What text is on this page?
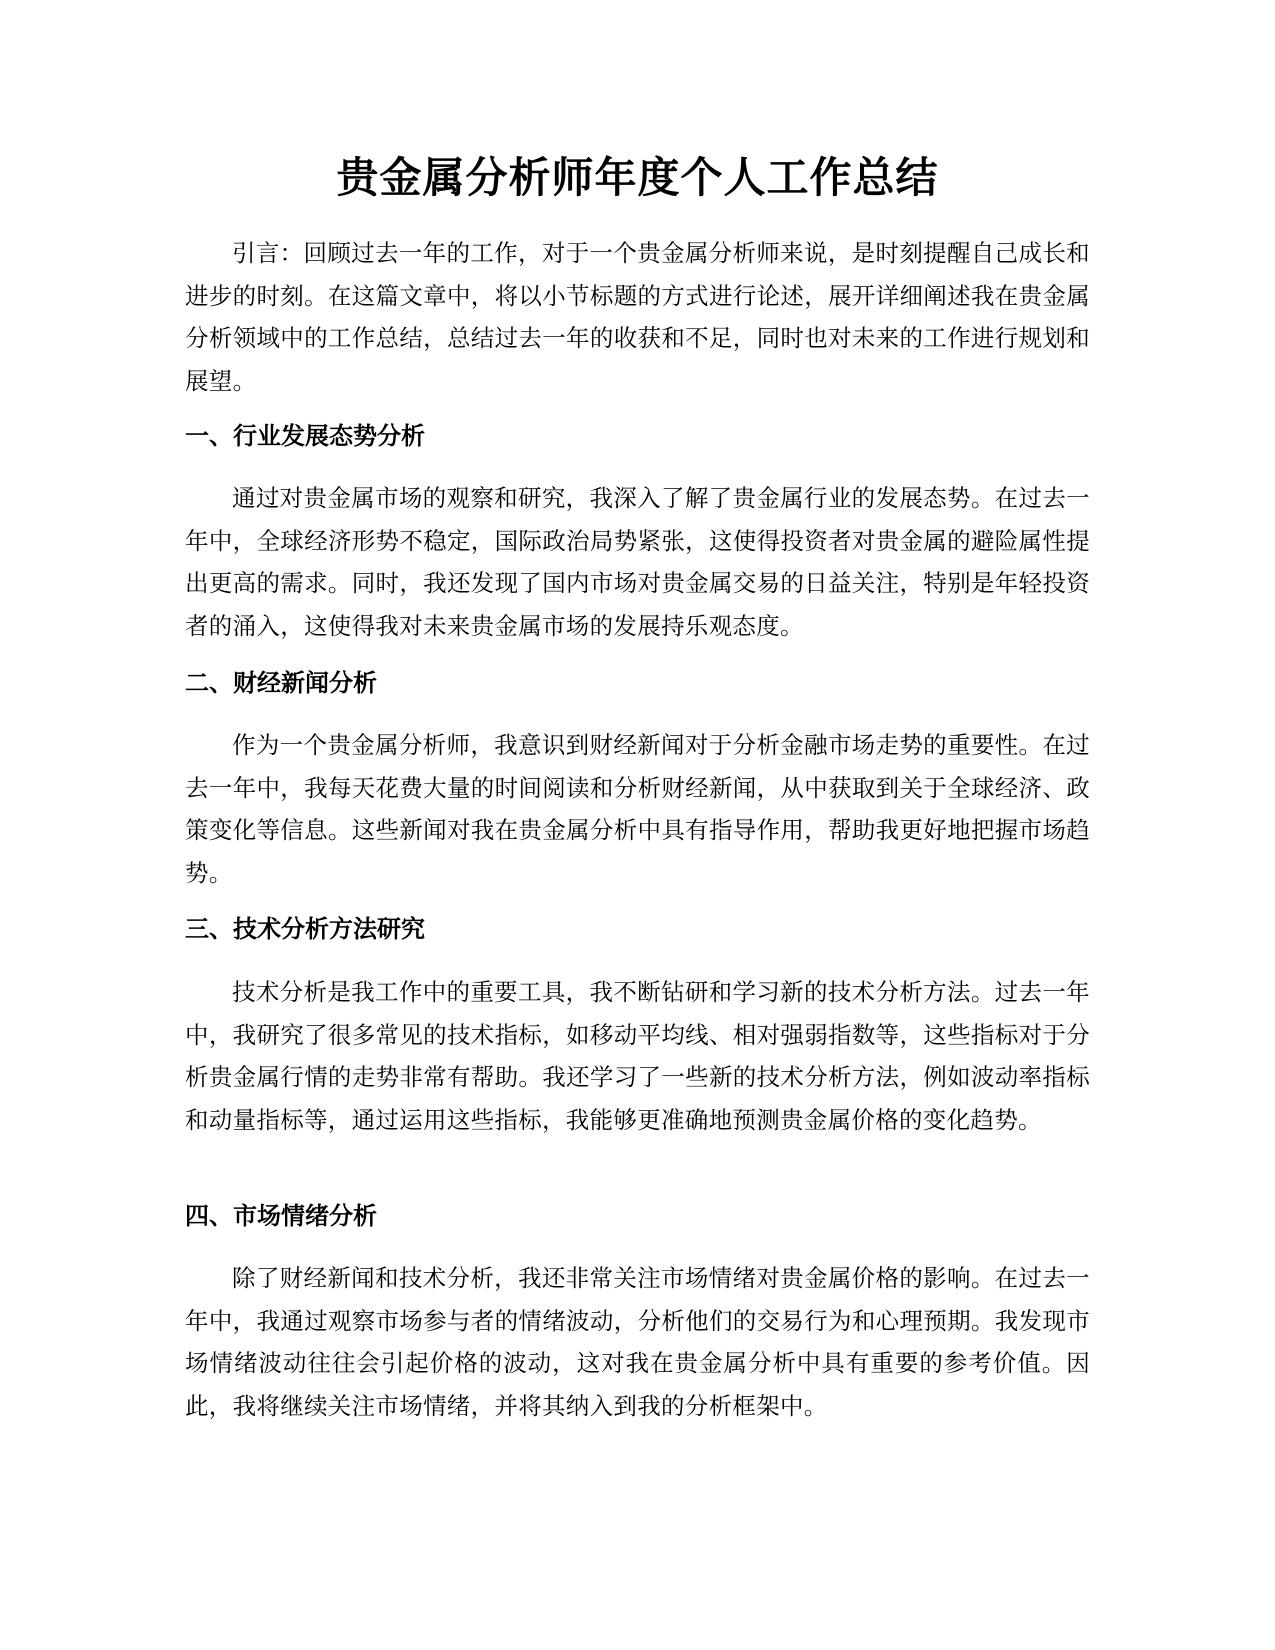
贵金属分析师年度个人工作总结

引言：回顾过去一年的工作，对于一个贵金属分析师来说，是时刻提醒自己成长和进步的时刻。在这篇文章中，将以小节标题的方式进行论述，展开详细阐述我在贵金属分析领域中的工作总结，总结过去一年的收获和不足，同时也对未来的工作进行规划和展望。

一、行业发展态势分析

通过对贵金属市场的观察和研究，我深入了解了贵金属行业的发展态势。在过去一年中，全球经济形势不稳定，国际政治局势紧张，这使得投资者对贵金属的避险属性提出更高的需求。同时，我还发现了国内市场对贵金属交易的日益关注，特别是年轻投资者的涌入，这使得我对未来贵金属市场的发展持乐观态度。

二、财经新闻分析

作为一个贵金属分析师，我意识到财经新闻对于分析金融市场走势的重要性。在过去一年中，我每天花费大量的时间阅读和分析财经新闻，从中获取到关于全球经济、政策变化等信息。这些新闻对我在贵金属分析中具有指导作用，帮助我更好地把握市场趋势。

三、技术分析方法研究

技术分析是我工作中的重要工具，我不断钻研和学习新的技术分析方法。过去一年中，我研究了很多常见的技术指标，如移动平均线、相对强弱指数等，这些指标对于分析贵金属行情的走势非常有帮助。我还学习了一些新的技术分析方法，例如波动率指标和动量指标等，通过运用这些指标，我能够更准确地预测贵金属价格的变化趋势。

四、市场情绪分析

除了财经新闻和技术分析，我还非常关注市场情绪对贵金属价格的影响。在过去一年中，我通过观察市场参与者的情绪波动，分析他们的交易行为和心理预期。我发现市场情绪波动往往会引起价格的波动，这对我在贵金属分析中具有重要的参考价值。因此，我将继续关注市场情绪，并将其纳入到我的分析框架中。
